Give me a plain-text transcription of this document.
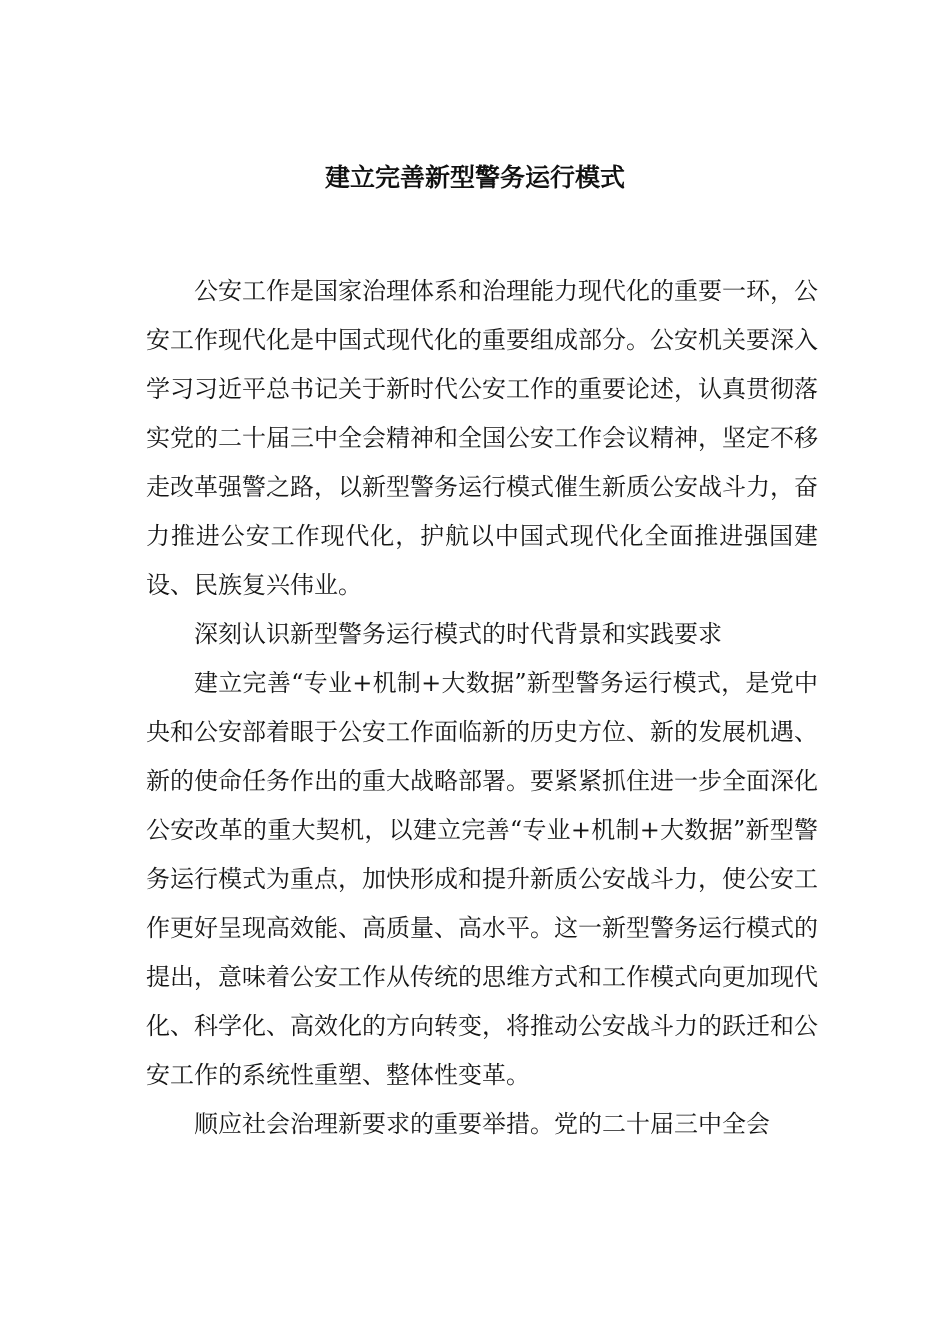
建立完善新型警务运行模式

公安工作是国家治理体系和治理能力现代化的重要一环，公安工作现代化是中国式现代化的重要组成部分。公安机关要深入学习习近平总书记关于新时代公安工作的重要论述，认真贯彻落实党的二十届三中全会精神和全国公安工作会议精神，坚定不移走改革强警之路，以新型警务运行模式催生新质公安战斗力，奋力推进公安工作现代化，护航以中国式现代化全面推进强国建设、民族复兴伟业。

深刻认识新型警务运行模式的时代背景和实践要求

建立完善“专业+机制+大数据”新型警务运行模式，是党中央和公安部着眼于公安工作面临新的历史方位、新的发展机遇、新的使命任务作出的重大战略部署。要紧紧抓住进一步全面深化公安改革的重大契机，以建立完善“专业+机制+大数据”新型警务运行模式为重点，加快形成和提升新质公安战斗力，使公安工作更好呈现高效能、高质量、高水平。这一新型警务运行模式的提出，意味着公安工作从传统的思维方式和工作模式向更加现代化、科学化、高效化的方向转变，将推动公安战斗力的跃迁和公安工作的系统性重塑、整体性变革。

顺应社会治理新要求的重要举措。党的二十届三中全会
